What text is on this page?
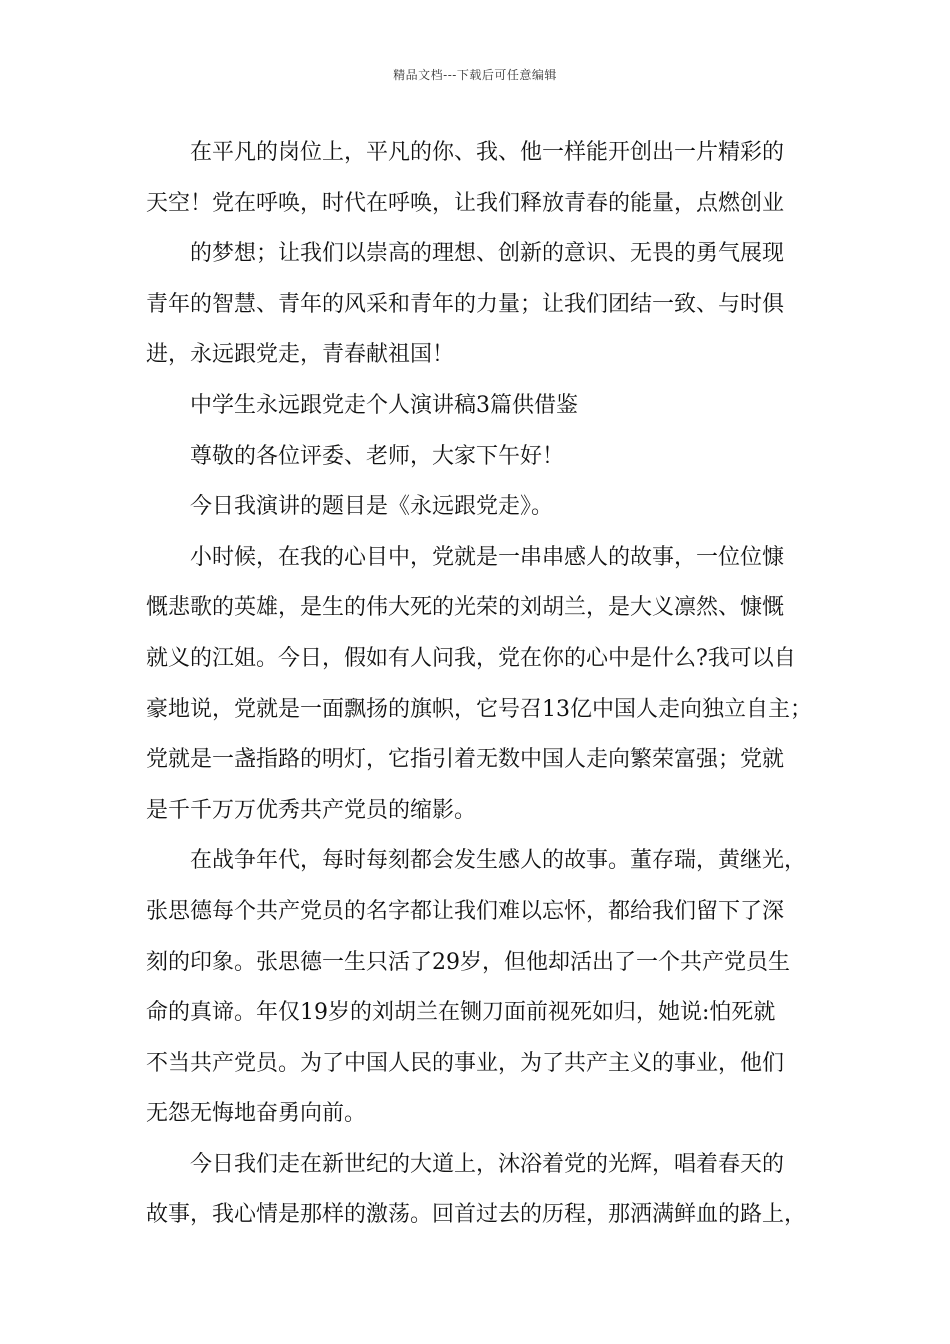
精品文档---下载后可任意编辑
在平凡的岗位上，平凡的你、我、他一样能开创出一片精彩的
天空！党在呼唤，时代在呼唤，让我们释放青春的能量，点燃创业
的梦想；让我们以崇高的理想、创新的意识、无畏的勇气展现
青年的智慧、青年的风采和青年的力量；让我们团结一致、与时俱
进，永远跟党走，青春献祖国！
中学生永远跟党走个人演讲稿3篇供借鉴
尊敬的各位评委、老师，大家下午好！
今日我演讲的题目是《永远跟党走》。
小时候，在我的心目中，党就是一串串感人的故事，一位位慷
慨悲歌的英雄，是生的伟大死的光荣的刘胡兰，是大义凛然、慷慨
就义的江姐。今日，假如有人问我，党在你的心中是什么?我可以自
豪地说，党就是一面飘扬的旗帜，它号召13亿中国人走向独立自主；
党就是一盏指路的明灯，它指引着无数中国人走向繁荣富强；党就
是千千万万优秀共产党员的缩影。
在战争年代，每时每刻都会发生感人的故事。董存瑞，黄继光，
张思德每个共产党员的名字都让我们难以忘怀，都给我们留下了深
刻的印象。张思德一生只活了29岁，但他却活出了一个共产党员生
命的真谛。年仅19岁的刘胡兰在铡刀面前视死如归，她说:怕死就
不当共产党员。为了中国人民的事业，为了共产主义的事业，他们
无怨无悔地奋勇向前。
今日我们走在新世纪的大道上，沐浴着党的光辉，唱着春天的
故事，我心情是那样的激荡。回首过去的历程，那洒满鲜血的路上，
